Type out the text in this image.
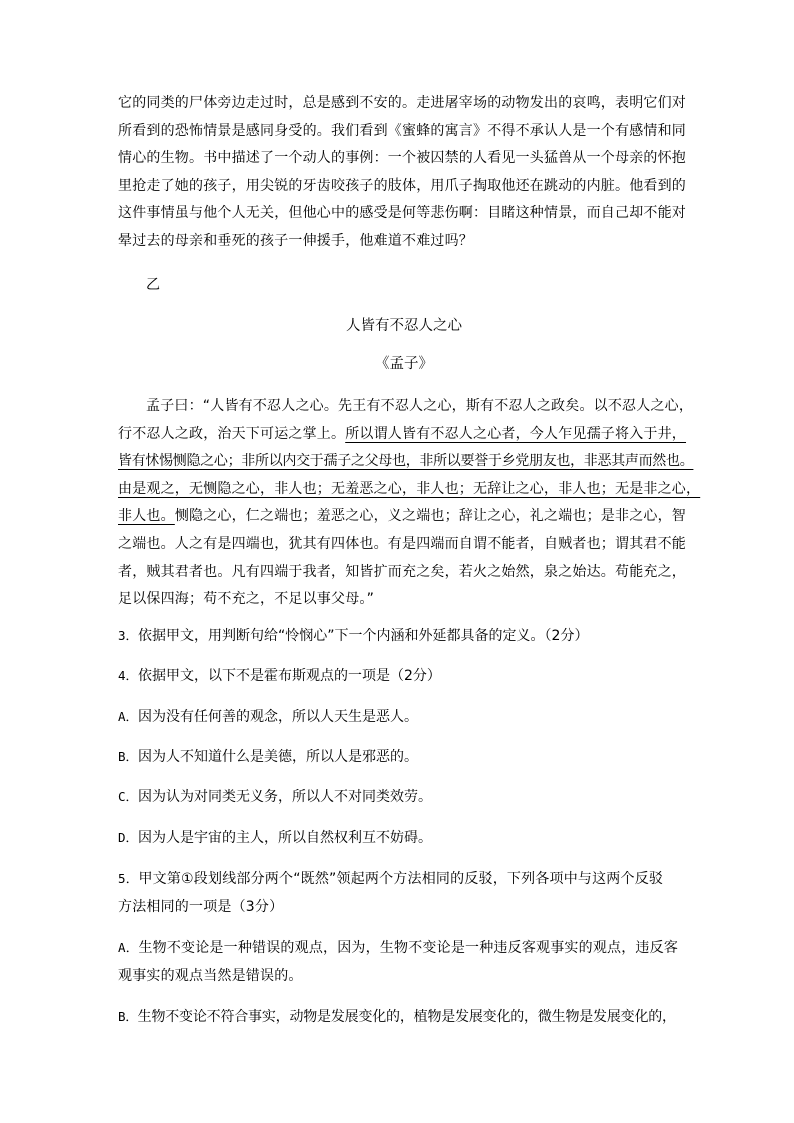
它的同类的尸体旁边走过时，总是感到不安的。走进屠宰场的动物发出的哀鸣，表明它们对
所看到的恐怖情景是感同身受的。我们看到《蜜蜂的寓言》不得不承认人是一个有感情和同
情心的生物。书中描述了一个动人的事例：一个被囚禁的人看见一头猛兽从一个母亲的怀抱
里抢走了她的孩子，用尖锐的牙齿咬孩子的肢体，用爪子掏取他还在跳动的内脏。他看到的
这件事情虽与他个人无关，但他心中的感受是何等悲伤啊：目睹这种情景，而自己却不能对
晕过去的母亲和垂死的孩子一伸援手，他难道不难过吗？

乙

人皆有不忍人之心

《孟子》

孟子曰：“人皆有不忍人之心。先王有不忍人之心，斯有不忍人之政矣。以不忍人之心，
行不忍人之政，治天下可运之掌上。所以谓人皆有不忍人之心者，今人乍见孺子将入于井，
皆有怵惕恻隐之心；非所以内交于孺子之父母也，非所以要誉于乡党朋友也，非恶其声而然也。
由是观之，无恻隐之心，非人也；无羞恶之心，非人也；无辞让之心，非人也；无是非之心，
非人也。恻隐之心，仁之端也；羞恶之心，义之端也；辞让之心，礼之端也；是非之心，智
之端也。人之有是四端也，犹其有四体也。有是四端而自谓不能者，自贼者也；谓其君不能
者，贼其君者也。凡有四端于我者，知皆扩而充之矣，若火之始然，泉之始达。苟能充之，
足以保四海；苟不充之，不足以事父母。”

3．依据甲文，用判断句给“怜悯心”下一个内涵和外延都具备的定义。（2分）

4．依据甲文，以下不是霍布斯观点的一项是（2分）

A．因为没有任何善的观念，所以人天生是恶人。

B．因为人不知道什么是美德，所以人是邪恶的。

C．因为认为对同类无义务，所以人不对同类效劳。

D．因为人是宇宙的主人，所以自然权利互不妨碍。

5．甲文第①段划线部分两个“既然”领起两个方法相同的反驳，下列各项中与这两个反驳
方法相同的一项是（3分）
A．生物不变论是一种错误的观点，因为，生物不变论是一种违反客观事实的观点，违反客
观事实的观点当然是错误的。
B．生物不变论不符合事实，动物是发展变化的，植物是发展变化的，微生物是发展变化的，
